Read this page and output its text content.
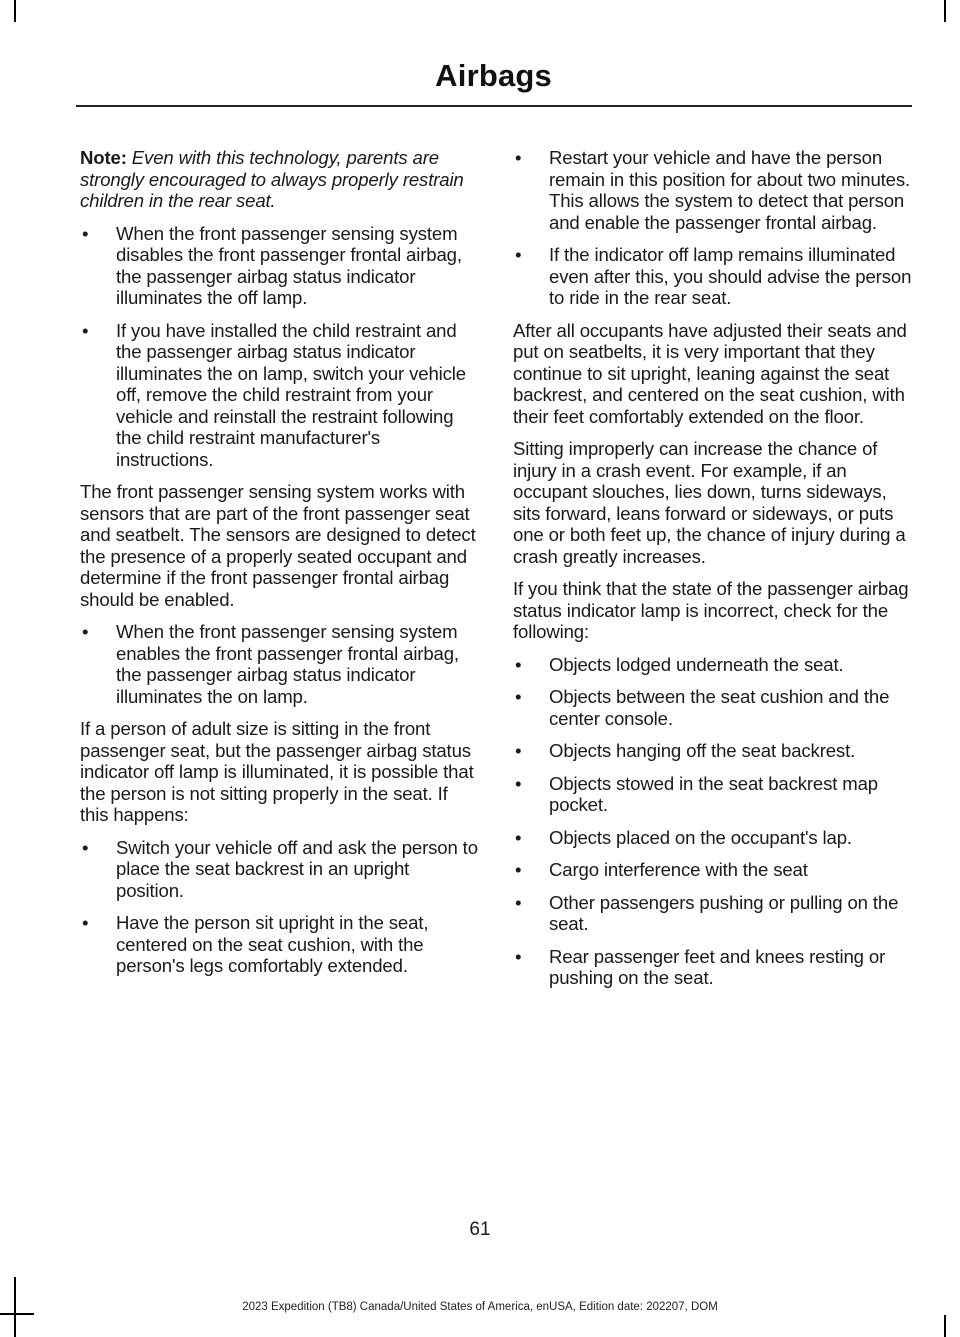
Airbags

Note: Even with this technology, parents are strongly encouraged to always properly restrain children in the rear seat.

• When the front passenger sensing system disables the front passenger frontal airbag, the passenger airbag status indicator illuminates the off lamp.
• If you have installed the child restraint and the passenger airbag status indicator illuminates the on lamp, switch your vehicle off, remove the child restraint from your vehicle and reinstall the restraint following the child restraint manufacturer's instructions.

The front passenger sensing system works with sensors that are part of the front passenger seat and seatbelt. The sensors are designed to detect the presence of a properly seated occupant and determine if the front passenger frontal airbag should be enabled.

• When the front passenger sensing system enables the front passenger frontal airbag, the passenger airbag status indicator illuminates the on lamp.

If a person of adult size is sitting in the front passenger seat, but the passenger airbag status indicator off lamp is illuminated, it is possible that the person is not sitting properly in the seat. If this happens:

• Switch your vehicle off and ask the person to place the seat backrest in an upright position.
• Have the person sit upright in the seat, centered on the seat cushion, with the person's legs comfortably extended.
• Restart your vehicle and have the person remain in this position for about two minutes. This allows the system to detect that person and enable the passenger frontal airbag.
• If the indicator off lamp remains illuminated even after this, you should advise the person to ride in the rear seat.

After all occupants have adjusted their seats and put on seatbelts, it is very important that they continue to sit upright, leaning against the seat backrest, and centered on the seat cushion, with their feet comfortably extended on the floor.

Sitting improperly can increase the chance of injury in a crash event. For example, if an occupant slouches, lies down, turns sideways, sits forward, leans forward or sideways, or puts one or both feet up, the chance of injury during a crash greatly increases.

If you think that the state of the passenger airbag status indicator lamp is incorrect, check for the following:

• Objects lodged underneath the seat.
• Objects between the seat cushion and the center console.
• Objects hanging off the seat backrest.
• Objects stowed in the seat backrest map pocket.
• Objects placed on the occupant's lap.
• Cargo interference with the seat
• Other passengers pushing or pulling on the seat.
• Rear passenger feet and knees resting or pushing on the seat.
61
2023 Expedition (TB8) Canada/United States of America, enUSA, Edition date: 202207, DOM
